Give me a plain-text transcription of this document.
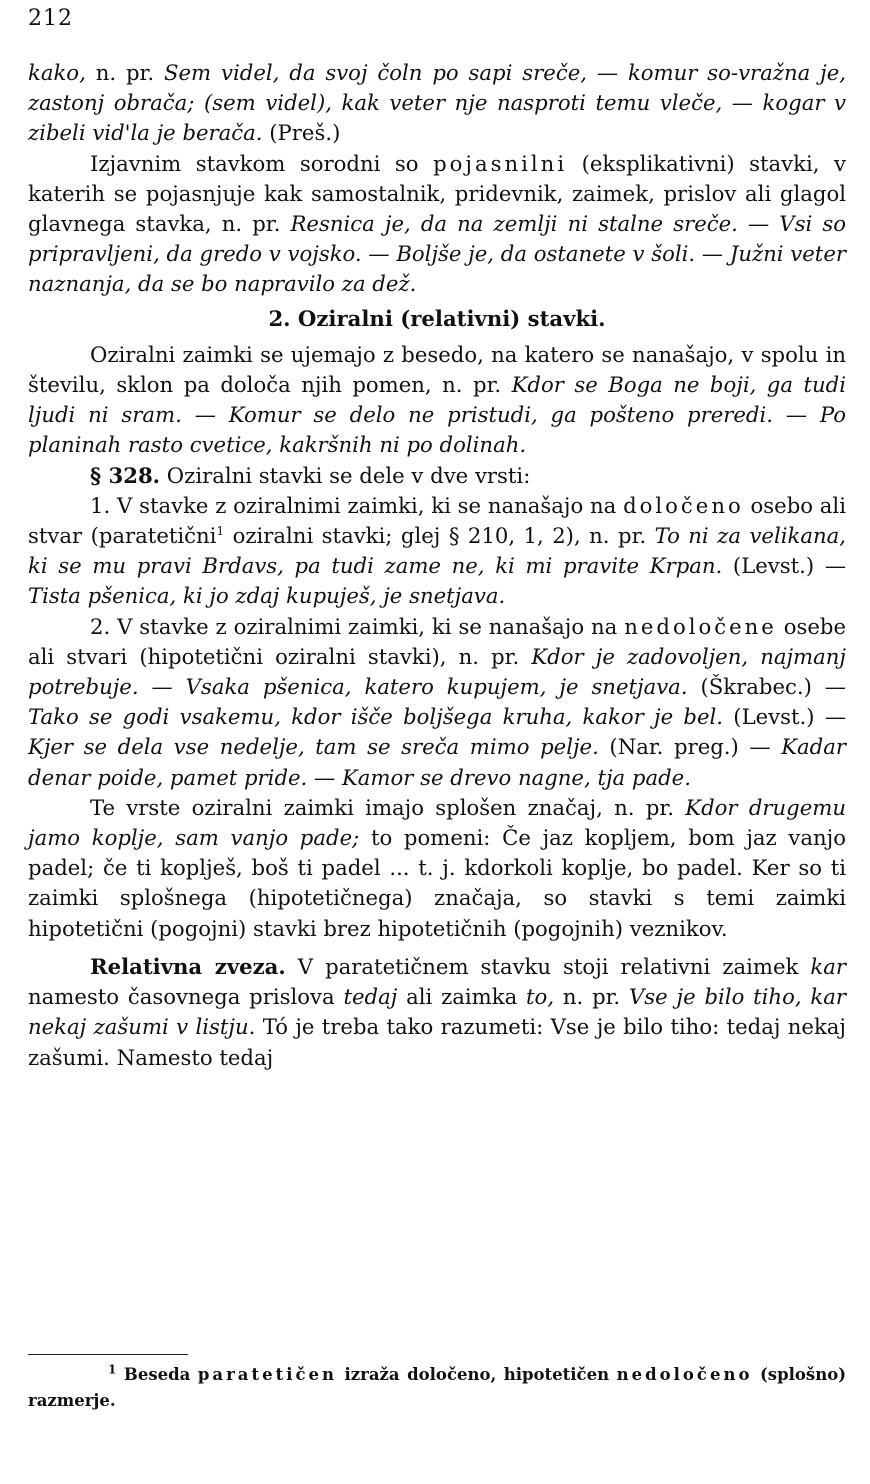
212

kako, n. pr. Sem videl, da svoj čoln po sapi sreče, — komur so-vražna je, zastonj obrača; (sem videl), kak veter nje nasproti temu vleče, — kogar v zibeli vid'la je berača. (Preš.)

Izjavnim stavkom sorodni so pojasnilni (eksplikativni) stavki, v katerih se pojasnjuje kak samostalnik, pridevnik, zaimek, prislov ali glagol glavnega stavka, n. pr. Resnica je, da na zemlji ni stalne sreče. — Vsi so pripravljeni, da gredo v vojsko. — Boljše je, da ostanete v šoli. — Južni veter naznanja, da se bo napravilo za dež.

2. Oziralni (relativni) stavki.

Oziralni zaimki se ujemajo z besedo, na katero se nanašajo, v spolu in številu, sklon pa določa njih pomen, n. pr. Kdor se Boga ne boji, ga tudi ljudi ni sram. — Komur se delo ne pristudi, ga pošteno preredi. — Po planinah rasto cvetice, kakršnih ni po dolinah.

§ 328. Oziralni stavki se dele v dve vrsti:

1. V stavke z oziralnimi zaimki, ki se nanašajo na določeno osebo ali stvar (paratetični$^1$ oziralni stavki; glej § 210, 1, 2), n. pr. To ni za velikana, ki se mu pravi Brdavs, pa tudi zame ne, ki mi pravite Krpan. (Levst.) — Tista pšenica, ki jo zdaj kupuješ, je snetjava.

2. V stavke z oziralnimi zaimki, ki se nanašajo na nedoločene osebe ali stvari (hipotetični oziralni stavki), n. pr. Kdor je zadovoljen, najmanj potrebuje. — Vsaka pšenica, katero kupujem, je snetjava. (Škrabec.) — Tako se godi vsakemu, kdor išče boljšega kruha, kakor je bel. (Levst.) — Kjer se dela vse nedelje, tam se sreča mimo pelje. (Nar. preg.) — Kadar denar poide, pamet pride. — Kamor se drevo nagne, tja pade.

Te vrste oziralni zaimki imajo splošen značaj, n. pr. Kdor drugemu jamo koplje, sam vanjo pade; to pomeni: Če jaz kopljem, bom jaz vanjo padel; če ti koplješ, boš ti padel ... t. j. kdorkoli koplje, bo padel. Ker so ti zaimki splošnega (hipotetičnega) značaja, so stavki s temi zaimki hipotetični (pogojni) stavki brez hipotetičnih (pogojnih) veznikov.

Relativna zveza. V paratetičnem stavku stoji relativni zaimek kar namesto časovnega prislova tedaj ali zaimka to, n. pr. Vse je bilo tiho, kar nekaj zašumi v listju. Tó je treba tako razumeti: Vse je bilo tiho: tedaj nekaj zašumi. Namesto tedaj

$^1$ Beseda paratetičen izraža določeno, hipotetičen nedoločeno (splošno) razmerje.
